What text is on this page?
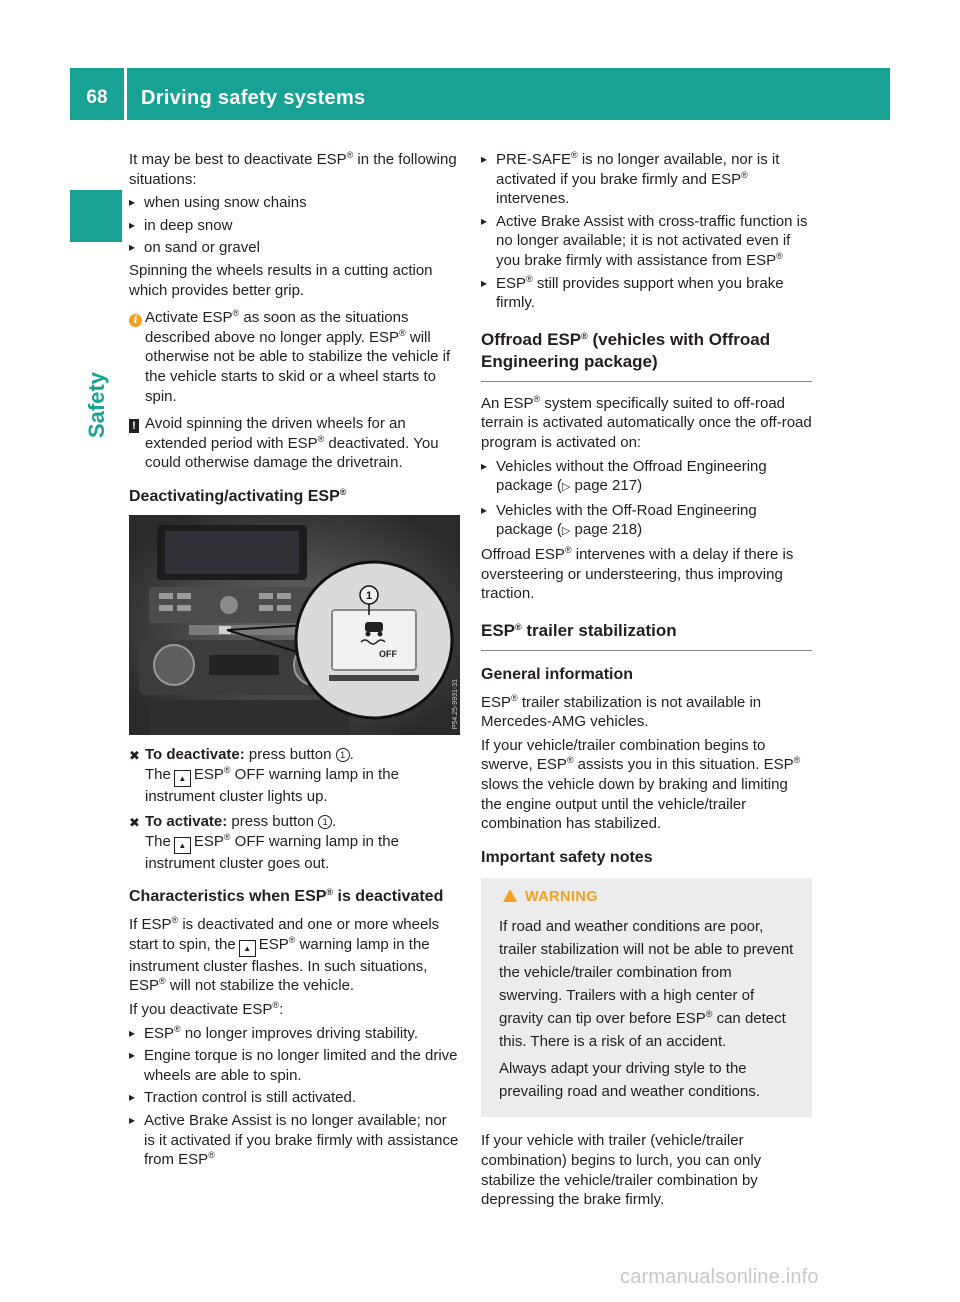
68	Driving safety systems
Safety

It may be best to deactivate ESP® in the following situations:

▸ when using snow chains
▸ in deep snow
▸ on sand or gravel

Spinning the wheels results in a cutting action which provides better grip.

i Activate ESP® as soon as the situations described above no longer apply. ESP® will otherwise not be able to stabilize the vehicle if the vehicle starts to skid or a wheel starts to spin.
! Avoid spinning the driven wheels for an extended period with ESP® deactivated. You could otherwise damage the drivetrain.
Deactivating/activating ESP®
OFF
1
P54.25-9931-31
✖ To deactivate: press button 1 .
The ▲ ESP® OFF warning lamp in the instrument cluster lights up.
✖ To activate: press button 1 .
The ▲ ESP® OFF warning lamp in the instrument cluster goes out.
Characteristics when ESP® is deactivated

If ESP® is deactivated and one or more wheels start to spin, the ▲ ESP® warning lamp in the instrument cluster flashes. In such situations, ESP® will not stabilize the vehicle.

If you deactivate ESP®:

▸ ESP® no longer improves driving stability.
▸ Engine torque is no longer limited and the drive wheels are able to spin.
▸ Traction control is still activated.
▸ Active Brake Assist is no longer available; nor is it activated if you brake firmly with assistance from ESP®
▸ PRE-SAFE® is no longer available, nor is it activated if you brake firmly and ESP® intervenes.
▸ Active Brake Assist with cross-traffic function is no longer available; it is not activated even if you brake firmly with assistance from ESP®
▸ ESP® still provides support when you brake firmly.
Offroad ESP® (vehicles with Offroad Engineering package)

An ESP® system specifically suited to off-road terrain is activated automatically once the off-road program is activated on:

▸ Vehicles without the Offroad Engineering package (▷ page 217)
▸ Vehicles with the Off-Road Engineering package (▷ page 218)

Offroad ESP® intervenes with a delay if there is oversteering or understeering, thus improving traction.

ESP® trailer stabilization
General information

ESP® trailer stabilization is not available in Mercedes-AMG vehicles.

If your vehicle/trailer combination begins to swerve, ESP® assists you in this situation. ESP® slows the vehicle down by braking and limiting the engine output until the vehicle/trailer combination has stabilized.

Important safety notes
WARNING

If road and weather conditions are poor, trailer stabilization will not be able to prevent the vehicle/trailer combination from swerving. Trailers with a high center of gravity can tip over before ESP® can detect this. There is a risk of an accident.

Always adapt your driving style to the prevailing road and weather conditions.

If your vehicle with trailer (vehicle/trailer combination) begins to lurch, you can only stabilize the vehicle/trailer combination by depressing the brake firmly.

carmanualsonline.info
